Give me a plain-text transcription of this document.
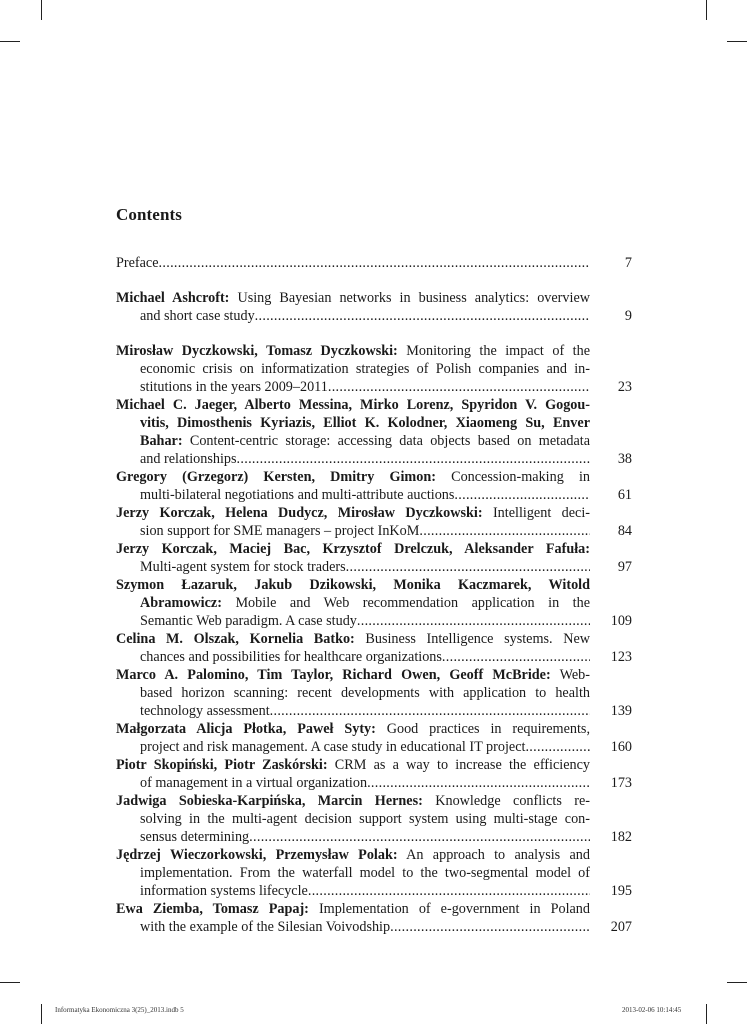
Contents
Preface .....	7
Michael Ashcroft: Using Bayesian networks in business analytics: overview
and short case study .....	9
Mirosław Dyczkowski, Tomasz Dyczkowski: Monitoring the impact of the
economic crisis on informatization strategies of Polish companies and in-
stitutions in the years 2009–2011 .....	23
Michael C. Jaeger, Alberto Messina, Mirko Lorenz, Spyridon V. Gogou-
vitis, Dimosthenis Kyriazis, Elliot K. Kolodner, Xiaomeng Su, Enver
Bahar: Content-centric storage: accessing data objects based on metadata
and relationships .....	38
Gregory (Grzegorz) Kersten, Dmitry Gimon: Concession-making in
multi-bilateral negotiations and multi-attribute auctions .....	61
Jerzy Korczak, Helena Dudycz, Mirosław Dyczkowski: Intelligent deci-
sion support for SME managers – project InKoM .....	84
Jerzy Korczak, Maciej Bac, Krzysztof Drelczuk, Aleksander Fafuła:
Multi-agent system for stock traders .....	97
Szymon Łazaruk, Jakub Dzikowski, Monika Kaczmarek, Witold
Abramowicz: Mobile and Web recommendation application in the
Semantic Web paradigm. A case study .....	109
Celina M. Olszak, Kornelia Batko: Business Intelligence systems. New
chances and possibilities for healthcare organizations .....	123
Marco A. Palomino, Tim Taylor, Richard Owen, Geoff McBride: Web-
based horizon scanning: recent developments with application to health
technology assessment .....	139
Małgorzata Alicja Płotka, Paweł Syty: Good practices in requirements,
project and risk management. A case study in educational IT project .....	160
Piotr Skopiński, Piotr Zaskórski: CRM as a way to increase the efficiency
of management in a virtual organization .....	173
Jadwiga Sobieska-Karpińska, Marcin Hernes: Knowledge conflicts re-
solving in the multi-agent decision support system using multi-stage con-
sensus determining .....	182
Jędrzej Wieczorkowski, Przemysław Polak: An approach to analysis and
implementation. From the waterfall model to the two-segmental model of
information systems lifecycle .....	195
Ewa Ziemba, Tomasz Papaj: Implementation of e-government in Poland
with the example of the Silesian Voivodship .....	207
Informatyka Ekonomiczna 3(25)_2013.indb 5	2013-02-06 10:14:45
